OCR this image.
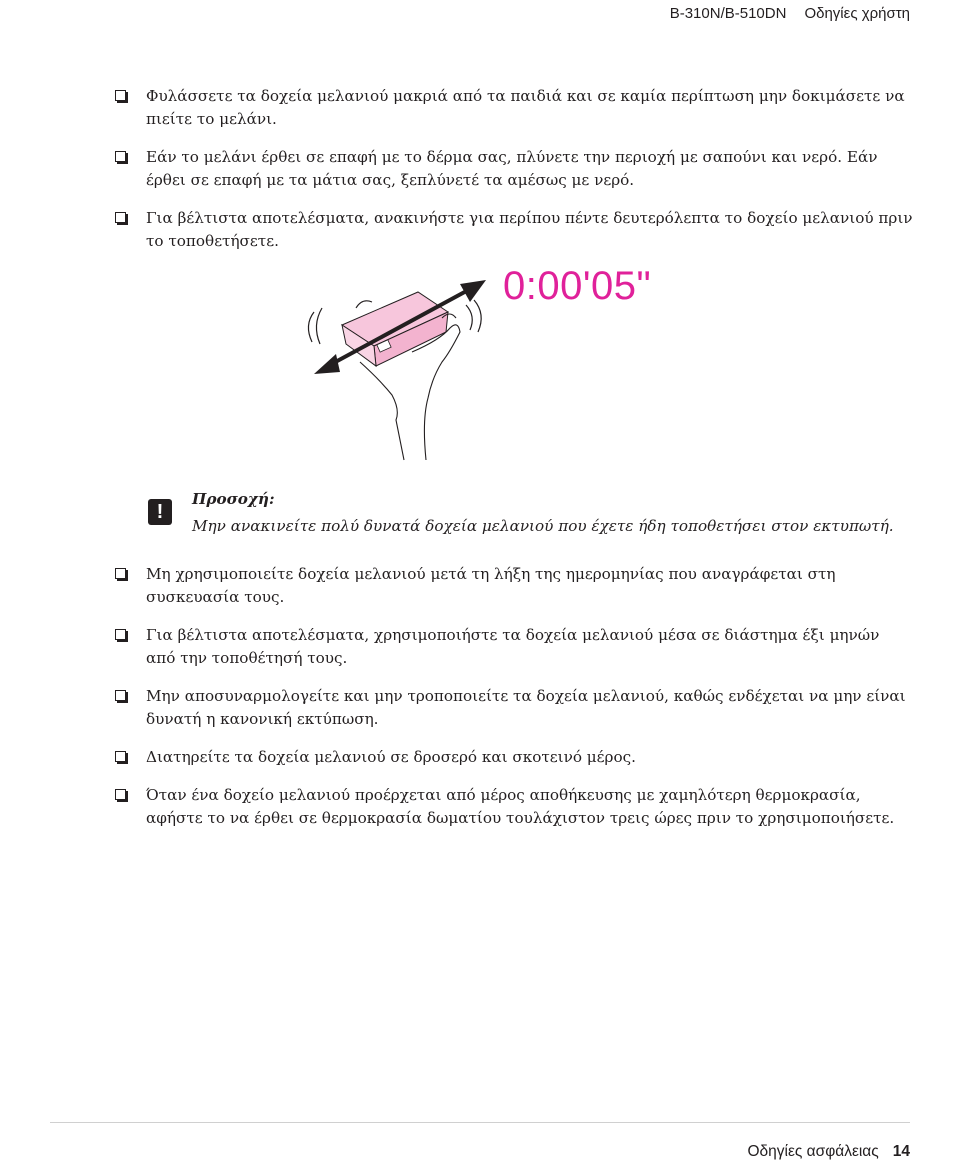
B-310N/B-510DN Οδηγίες χρήστη
Φυλάσσετε τα δοχεία μελανιού μακριά από τα παιδιά και σε καμία περίπτωση μην δοκιμάσετε να πιείτε το μελάνι.
Εάν το μελάνι έρθει σε επαφή με το δέρμα σας, πλύνετε την περιοχή με σαπούνι και νερό. Εάν έρθει σε επαφή με τα μάτια σας, ξεπλύνετέ τα αμέσως με νερό.
Για βέλτιστα αποτελέσματα, ανακινήστε για περίπου πέντε δευτερόλεπτα το δοχείο μελανιού πριν το τοποθετήσετε.
0:00'05"
!
Προσοχή:
Μην ανακινείτε πολύ δυνατά δοχεία μελανιού που έχετε ήδη τοποθετήσει στον εκτυπωτή.
Μη χρησιμοποιείτε δοχεία μελανιού μετά τη λήξη της ημερομηνίας που αναγράφεται στη συσκευασία τους.
Για βέλτιστα αποτελέσματα, χρησιμοποιήστε τα δοχεία μελανιού μέσα σε διάστημα έξι μηνών από την τοποθέτησή τους.
Μην αποσυναρμολογείτε και μην τροποποιείτε τα δοχεία μελανιού, καθώς ενδέχεται να μην είναι δυνατή η κανονική εκτύπωση.
Διατηρείτε τα δοχεία μελανιού σε δροσερό και σκοτεινό μέρος.
Όταν ένα δοχείο μελανιού προέρχεται από μέρος αποθήκευσης με χαμηλότερη θερμοκρασία, αφήστε το να έρθει σε θερμοκρασία δωματίου τουλάχιστον τρεις ώρες πριν το χρησιμοποιήσετε.
Οδηγίες ασφάλειας 14
